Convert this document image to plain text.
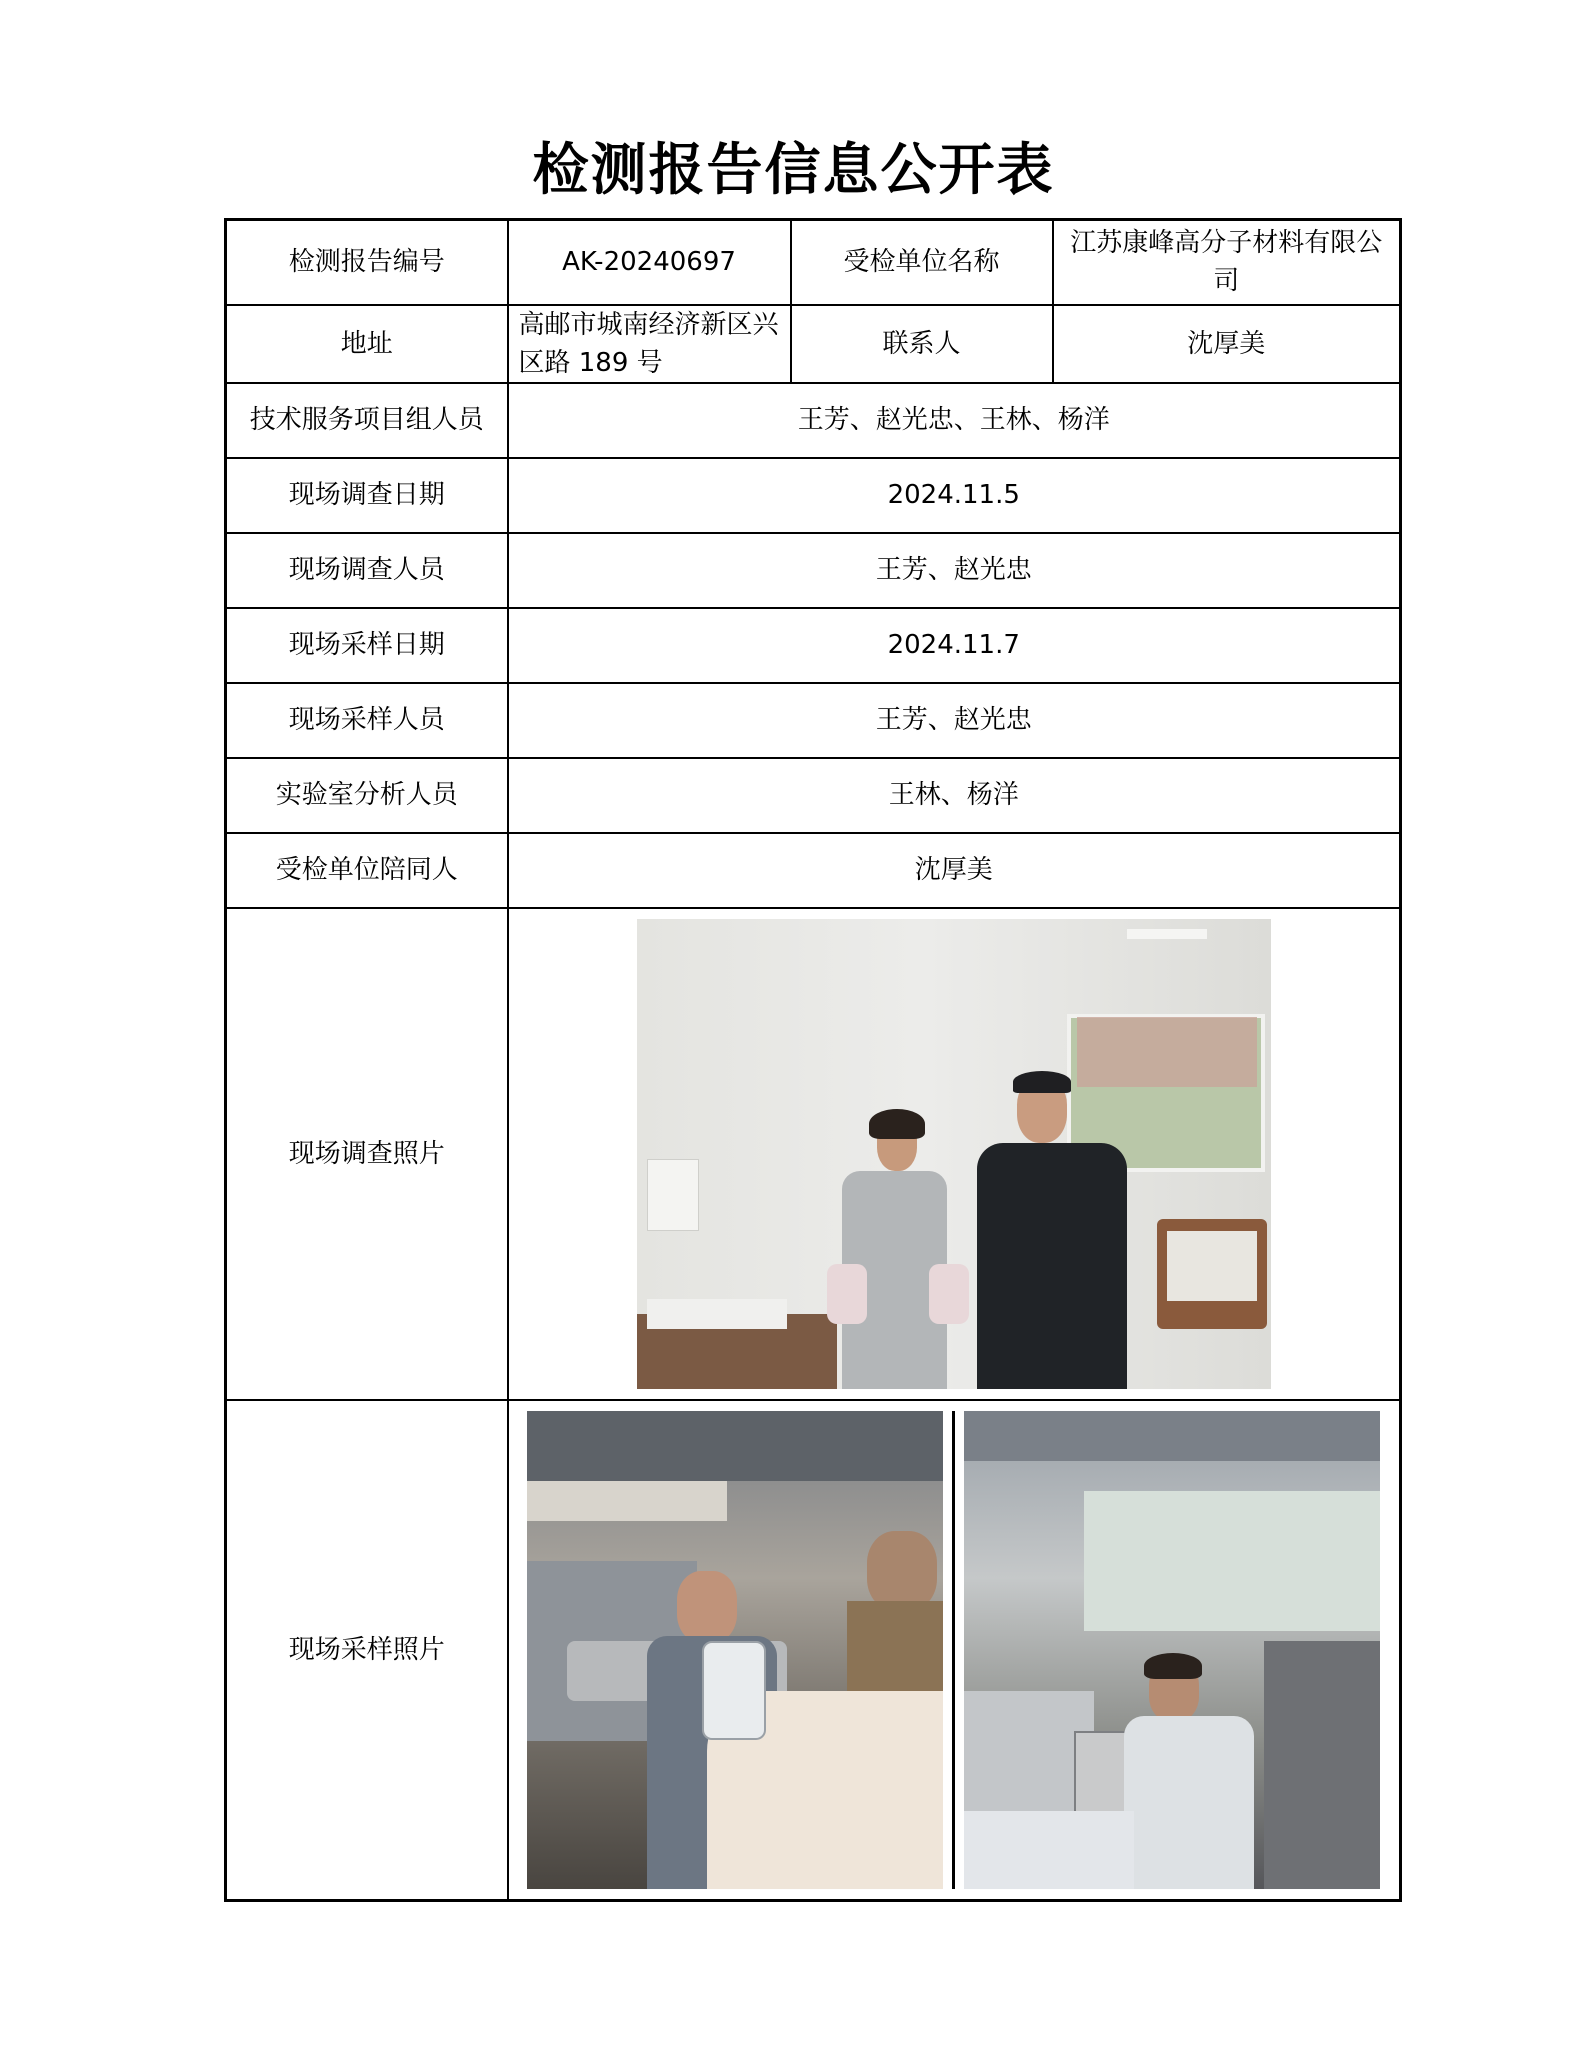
检测报告信息公开表
检测报告编号	AK-20240697	受检单位名称	江苏康峰高分子材料有限公司
地址	高邮市城南经济新区兴区路 189 号	联系人	沈厚美
技术服务项目组人员	王芳、赵光忠、王林、杨洋		
现场调查日期	2024.11.5		
现场调查人员	王芳、赵光忠		
现场采样日期	2024.11.7		
现场采样人员	王芳、赵光忠		
实验室分析人员	王林、杨洋		
受检单位陪同人	沈厚美		
现场调查照片			

现场采样照片			
